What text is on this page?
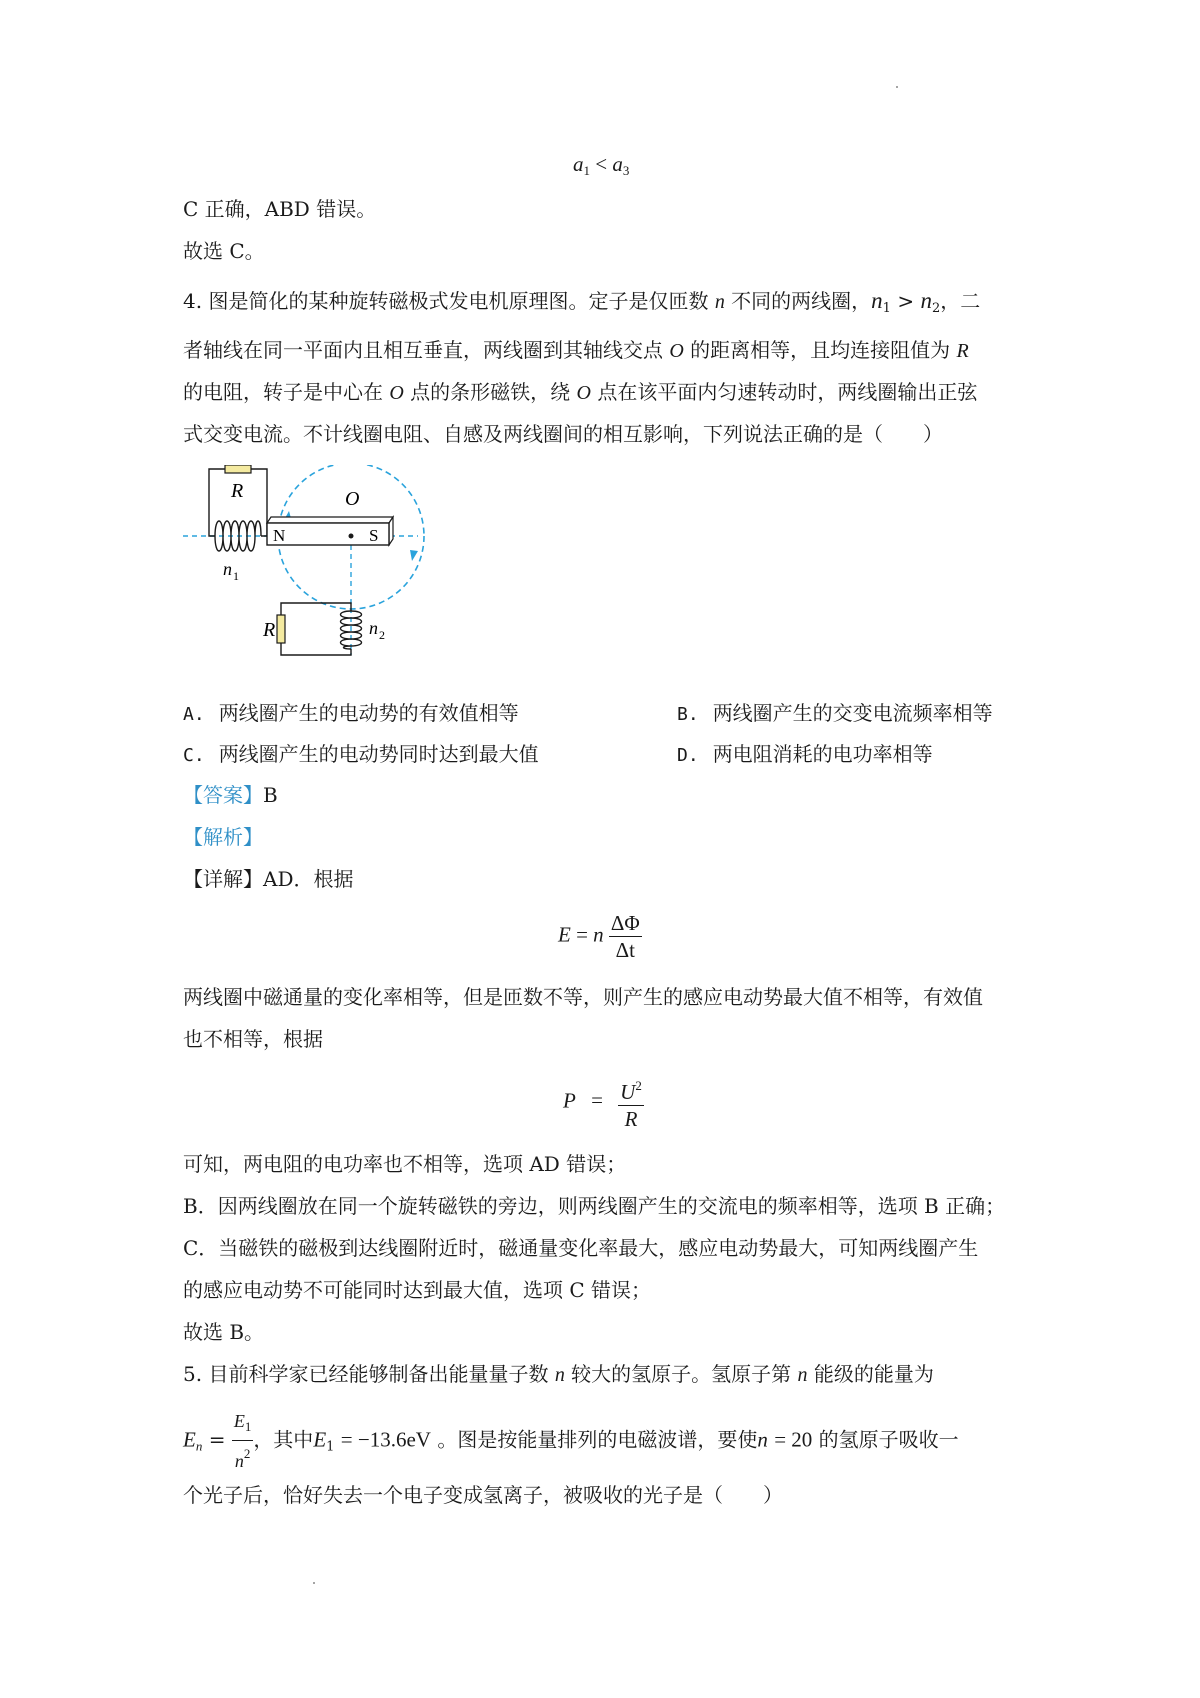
$a_1 < a_3$
C 正确，ABD 错误。
故选 C。
4. 图是简化的某种旋转磁极式发电机原理图。定子是仅匝数 n 不同的两线圈，$n_1 > n_2$，二
者轴线在同一平面内且相互垂直，两线圈到其轴线交点 O 的距离相等，且均连接阻值为 R
的电阻，转子是中心在 O 点的条形磁铁，绕 O 点在该平面内匀速转动时，两线圈输出正弦
式交变电流。不计线圈电阻、自感及两线圈间的相互影响，下列说法正确的是（　　）
R
n 1
N	S
O
R	n 2
A. 两线圈产生的电动势的有效值相等	B. 两线圈产生的交变电流频率相等
C. 两线圈产生的电动势同时达到最大值	D. 两电阻消耗的电功率相等
【答案】B
【解析】
【详解】AD．根据
E = n $\frac{\Delta\Phi}{\Delta t}$
两线圈中磁通量的变化率相等，但是匝数不等，则产生的感应电动势最大值不相等，有效值
也不相等，根据
$P = \frac{U^2}{R}$
可知，两电阻的电功率也不相等，选项 AD 错误；
B．因两线圈放在同一个旋转磁铁的旁边，则两线圈产生的交流电的频率相等，选项 B 正确；
C．当磁铁的磁极到达线圈附近时，磁通量变化率最大，感应电动势最大，可知两线圈产生
的感应电动势不可能同时达到最大值，选项 C 错误；
故选 B。
5. 目前科学家已经能够制备出能量量子数 n 较大的氢原子。氢原子第 n 能级的能量为
$E_n = \frac{E_1}{n^2}$ ，其中$E_1 = -13.6eV$ 。图是按能量排列的电磁波谱，要使n = 20 的氢原子吸收一
个光子后，恰好失去一个电子变成氢离子，被吸收的光子是（　　）
